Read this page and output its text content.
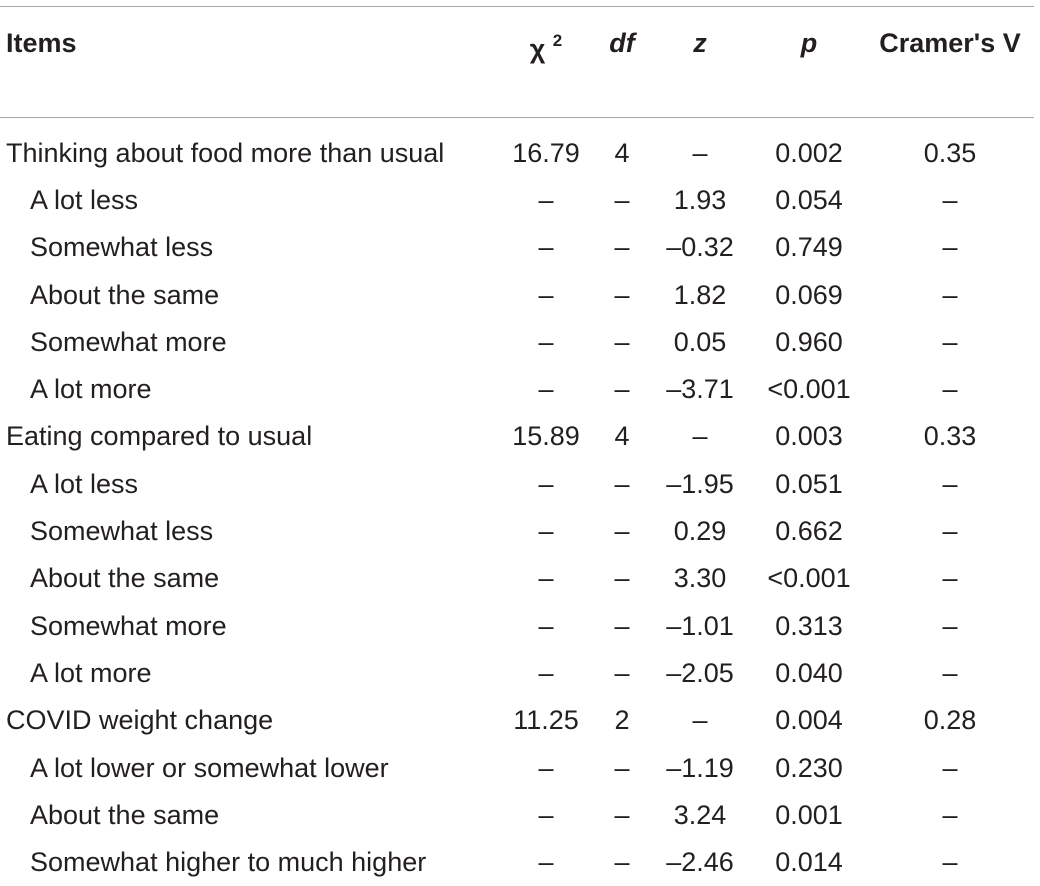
Items	χ $^2$	df	z	p	Cramer's V
Thinking about food more than usual	16.79	4	–	0.002	0.35
A lot less	–	–	1.93	0.054	–
Somewhat less	–	–	–0.32	0.749	–
About the same	–	–	1.82	0.069	–
Somewhat more	–	–	0.05	0.960	–
A lot more	–	–	–3.71	<0.001	–
Eating compared to usual	15.89	4	–	0.003	0.33
A lot less	–	–	–1.95	0.051	–
Somewhat less	–	–	0.29	0.662	–
About the same	–	–	3.30	<0.001	–
Somewhat more	–	–	–1.01	0.313	–
A lot more	–	–	–2.05	0.040	–
COVID weight change	11.25	2	–	0.004	0.28
A lot lower or somewhat lower	–	–	–1.19	0.230	–
About the same	–	–	3.24	0.001	–
Somewhat higher to much higher	–	–	–2.46	0.014	–
